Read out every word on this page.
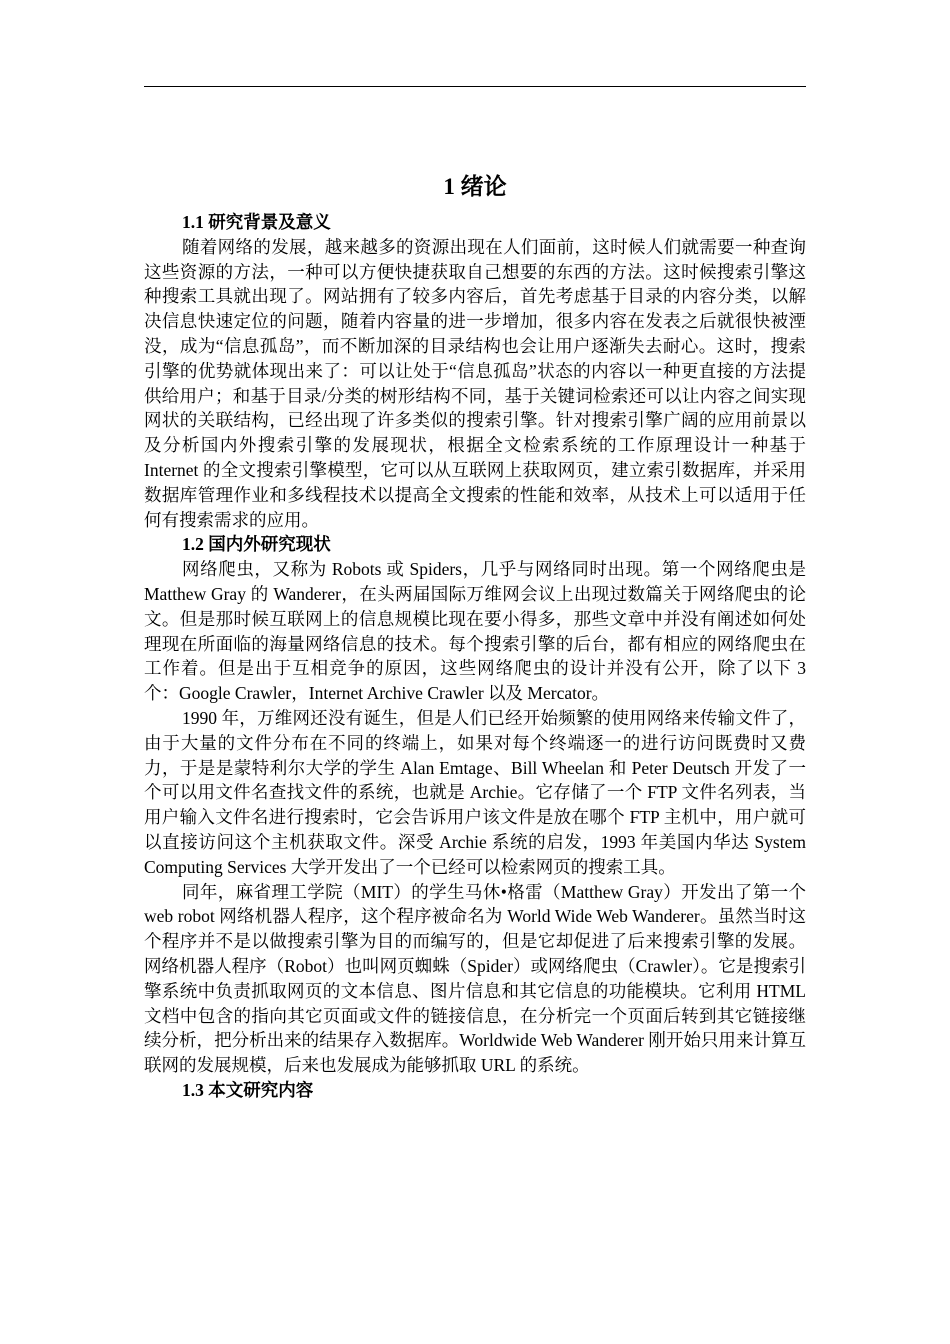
1 绪论

1.1 研究背景及意义

随着网络的发展，越来越多的资源出现在人们面前，这时候人们就需要一种查询这些资源的方法，一种可以方便快捷获取自己想要的东西的方法。这时候搜索引擎这种搜索工具就出现了。网站拥有了较多内容后，首先考虑基于目录的内容分类，以解决信息快速定位的问题，随着内容量的进一步增加，很多内容在发表之后就很快被湮没，成为“信息孤岛”，而不断加深的目录结构也会让用户逐渐失去耐心。这时，搜索引擎的优势就体现出来了：可以让处于“信息孤岛”状态的内容以一种更直接的方法提供给用户；和基于目录/分类的树形结构不同，基于关键词检索还可以让内容之间实现网状的关联结构，已经出现了许多类似的搜索引擎。针对搜索引擎广阔的应用前景以及分析国内外搜索引擎的发展现状，根据全文检索系统的工作原理设计一种基于 Internet 的全文搜索引擎模型，它可以从互联网上获取网页，建立索引数据库，并采用数据库管理作业和多线程技术以提高全文搜索的性能和效率，从技术上可以适用于任何有搜索需求的应用。

1.2 国内外研究现状

网络爬虫，又称为 Robots 或 Spiders，几乎与网络同时出现。第一个网络爬虫是 Matthew Gray 的 Wanderer，在头两届国际万维网会议上出现过数篇关于网络爬虫的论文。但是那时候互联网上的信息规模比现在要小得多，那些文章中并没有阐述如何处理现在所面临的海量网络信息的技术。每个搜索引擎的后台，都有相应的网络爬虫在工作着。但是出于互相竞争的原因，这些网络爬虫的设计并没有公开，除了以下 3 个：Google Crawler，Internet Archive Crawler 以及 Mercator。

1990 年，万维网还没有诞生，但是人们已经开始频繁的使用网络来传输文件了，由于大量的文件分布在不同的终端上，如果对每个终端逐一的进行访问既费时又费力，于是是蒙特利尔大学的学生 Alan Emtage、Bill Wheelan 和 Peter Deutsch 开发了一个可以用文件名查找文件的系统，也就是 Archie。它存储了一个 FTP 文件名列表，当用户输入文件名进行搜索时，它会告诉用户该文件是放在哪个 FTP 主机中，用户就可以直接访问这个主机获取文件。深受 Archie 系统的启发，1993 年美国内华达 System Computing Services 大学开发出了一个已经可以检索网页的搜索工具。

同年，麻省理工学院（MIT）的学生马休•格雷（Matthew Gray）开发出了第一个 web robot 网络机器人程序，这个程序被命名为 World Wide Web Wanderer。虽然当时这个程序并不是以做搜索引擎为目的而编写的，但是它却促进了后来搜索引擎的发展。网络机器人程序（Robot）也叫网页蜘蛛（Spider）或网络爬虫（Crawler）。它是搜索引擎系统中负责抓取网页的文本信息、图片信息和其它信息的功能模块。它利用 HTML 文档中包含的指向其它页面或文件的链接信息，在分析完一个页面后转到其它链接继续分析，把分析出来的结果存入数据库。Worldwide Web Wanderer 刚开始只用来计算互联网的发展规模，后来也发展成为能够抓取 URL 的系统。

1.3 本文研究内容
